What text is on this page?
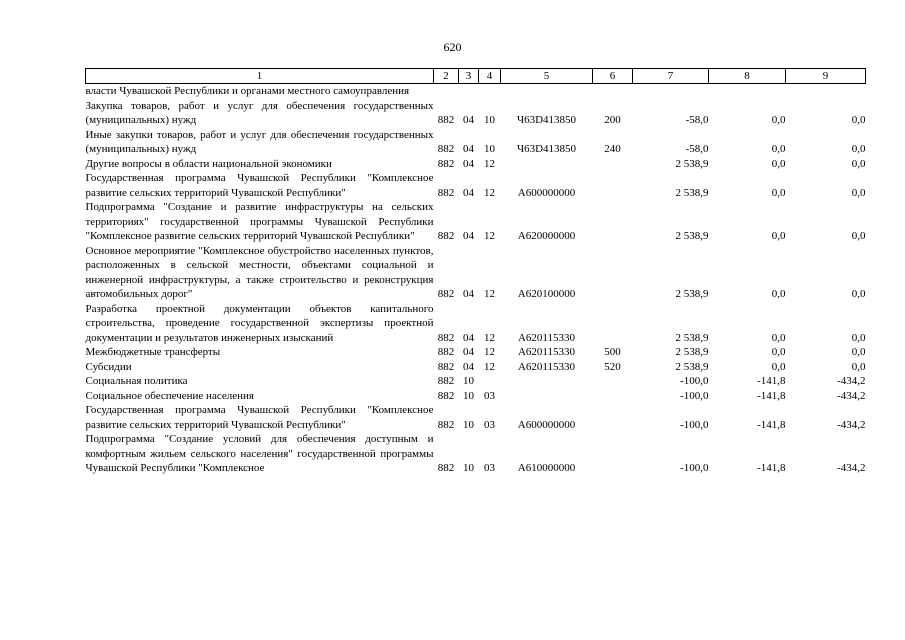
620
1	2	3	4	5	6	7	8	9
власти Чувашской Республики и органами местного самоуправления								
Закупка товаров, работ и услуг для обеспечения государственных (муниципальных) нужд	882	04	10	Ч63D413850	200	-58,0	0,0	0,0
Иные закупки товаров, работ и услуг для обеспечения государственных (муниципальных) нужд	882	04	10	Ч63D413850	240	-58,0	0,0	0,0
Другие вопросы в области национальной экономики	882	04	12			2 538,9	0,0	0,0
Государственная программа Чувашской Республики "Комплексное развитие сельских территорий Чувашской Республики"	882	04	12	А600000000		2 538,9	0,0	0,0
Подпрограмма "Создание и развитие инфраструктуры на сельских территориях" государственной программы Чувашской Республики "Комплексное развитие сельских территорий Чувашской Республики"	882	04	12	А620000000		2 538,9	0,0	0,0
Основное мероприятие "Комплексное обустройство населенных пунктов, расположенных в сельской местности, объектами социальной и инженерной инфраструктуры, а также строительство и реконструкция автомобильных дорог"	882	04	12	А620100000		2 538,9	0,0	0,0
Разработка проектной документации объектов капитального строительства, проведение государственной экспертизы проектной документации и результатов инженерных изысканий	882	04	12	А620115330		2 538,9	0,0	0,0
Межбюджетные трансферты	882	04	12	А620115330	500	2 538,9	0,0	0,0
Субсидии	882	04	12	А620115330	520	2 538,9	0,0	0,0
Социальная политика	882	10				-100,0	-141,8	-434,2
Социальное обеспечение населения	882	10	03			-100,0	-141,8	-434,2
Государственная программа Чувашской Республики "Комплексное развитие сельских территорий Чувашской Республики"	882	10	03	А600000000		-100,0	-141,8	-434,2
Подпрограмма "Создание условий для обеспечения доступным и комфортным жильем сельского населения" государственной программы Чувашской Республики "Комплексное	882	10	03	А610000000		-100,0	-141,8	-434,2
